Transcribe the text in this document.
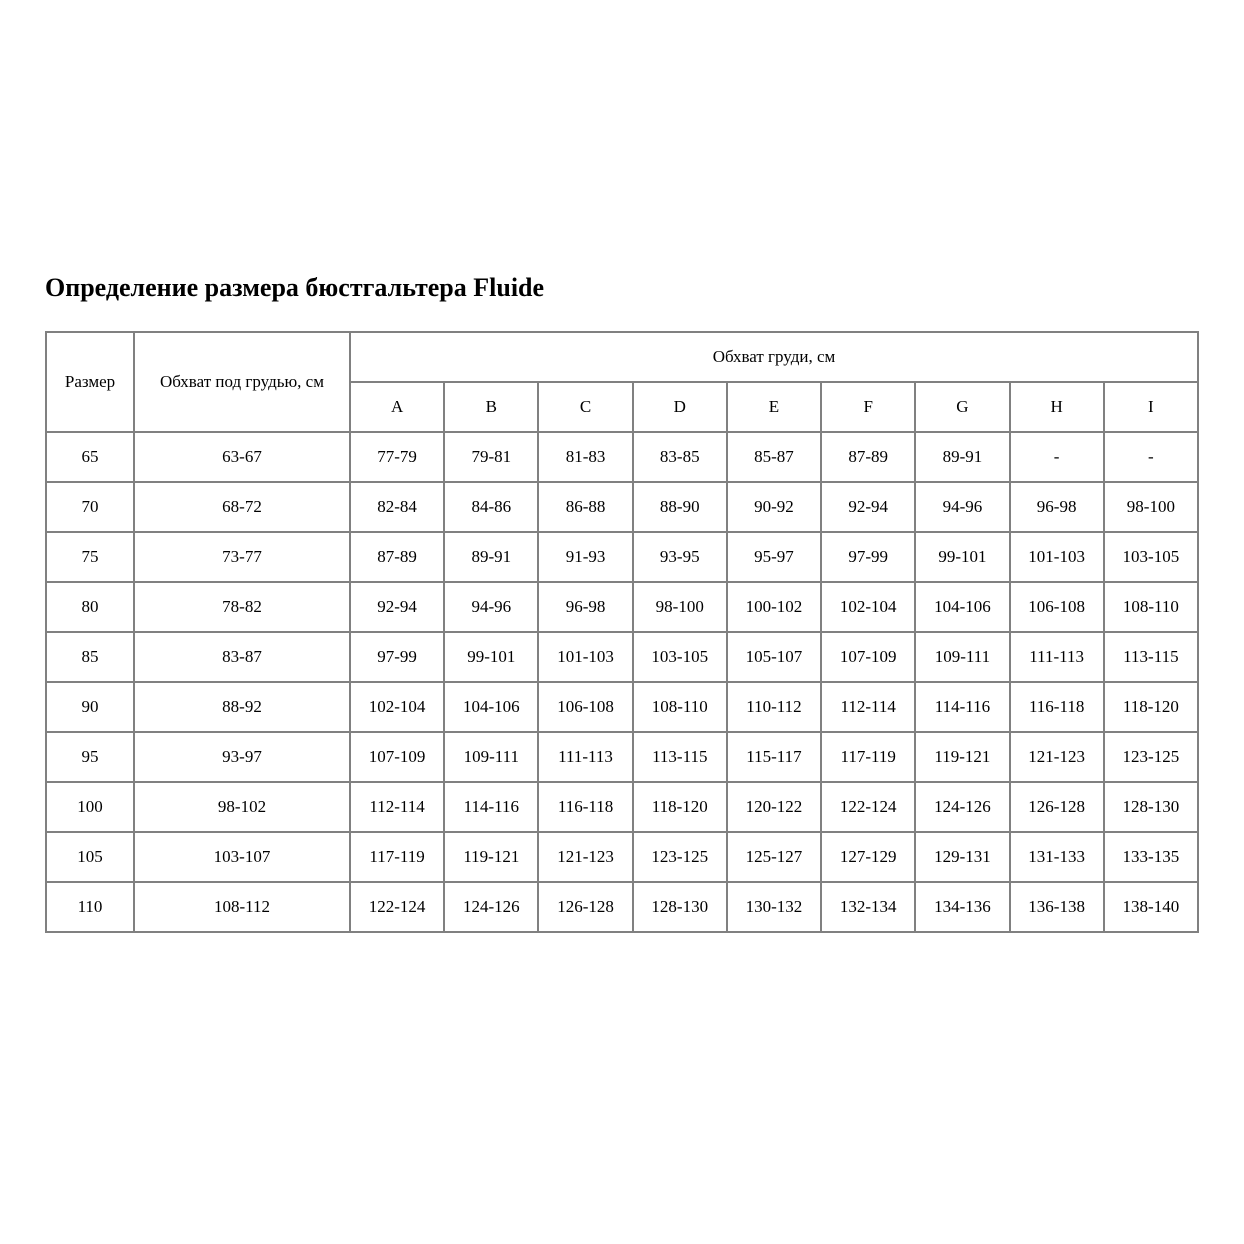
Определение размера бюстгальтера Fluide
Размер	Обхват под грудью, см	Обхват груди, см								
		A	B	C	D	E	F	G	H	I
65	63-67	77-79	79-81	81-83	83-85	85-87	87-89	89-91	-	-
70	68-72	82-84	84-86	86-88	88-90	90-92	92-94	94-96	96-98	98-100
75	73-77	87-89	89-91	91-93	93-95	95-97	97-99	99-101	101-103	103-105
80	78-82	92-94	94-96	96-98	98-100	100-102	102-104	104-106	106-108	108-110
85	83-87	97-99	99-101	101-103	103-105	105-107	107-109	109-111	111-113	113-115
90	88-92	102-104	104-106	106-108	108-110	110-112	112-114	114-116	116-118	118-120
95	93-97	107-109	109-111	111-113	113-115	115-117	117-119	119-121	121-123	123-125
100	98-102	112-114	114-116	116-118	118-120	120-122	122-124	124-126	126-128	128-130
105	103-107	117-119	119-121	121-123	123-125	125-127	127-129	129-131	131-133	133-135
110	108-112	122-124	124-126	126-128	128-130	130-132	132-134	134-136	136-138	138-140
